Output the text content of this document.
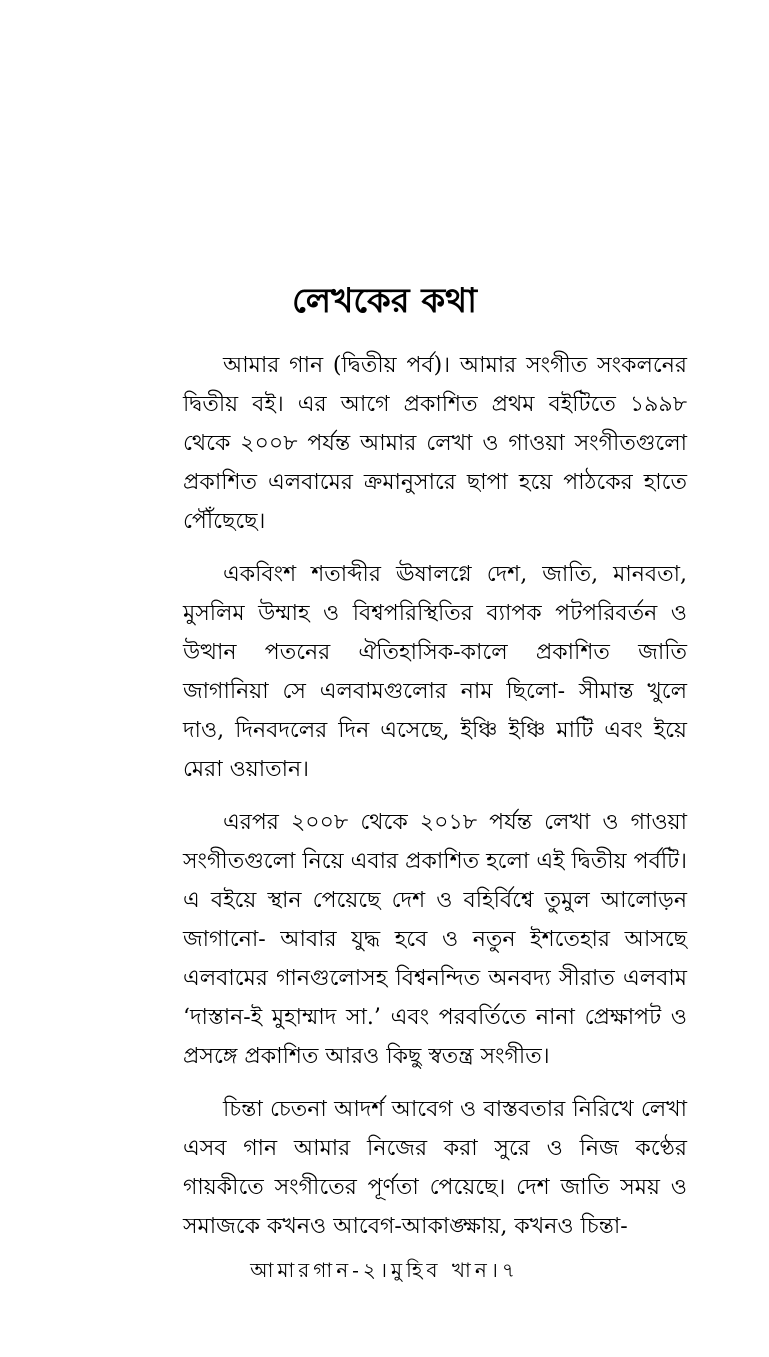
লেখকের কথা

আমার গান (দ্বিতীয় পর্ব)। আমার সংগীত সংকলনের দ্বিতীয় বই। এর আগে প্রকাশিত প্রথম বইটিতে ১৯৯৮ থেকে ২০০৮ পর্যন্ত আমার লেখা ও গাওয়া সংগীতগুলো প্রকাশিত এলবামের ক্রমানুসারে ছাপা হয়ে পাঠকের হাতে পৌঁছেছে।

একবিংশ শতাব্দীর ঊষালগ্নে দেশ, জাতি, মানবতা, মুসলিম উম্মাহ ও বিশ্বপরিস্থিতির ব্যাপক পটপরিবর্তন ও উত্থান পতনের ঐতিহাসিক-কালে প্রকাশিত জাতি জাগানিয়া সে এলবামগুলোর নাম ছিলো- সীমান্ত খুলে দাও, দিনবদলের দিন এসেছে, ইঞ্চি ইঞ্চি মাটি এবং ইয়ে মেরা ওয়াতান।

এরপর ২০০৮ থেকে ২০১৮ পর্যন্ত লেখা ও গাওয়া সংগীতগুলো নিয়ে এবার প্রকাশিত হলো এই দ্বিতীয় পর্বটি। এ বইয়ে স্থান পেয়েছে দেশ ও বহির্বিশ্বে তুমুল আলোড়ন জাগানো- আবার যুদ্ধ হবে ও নতুন ইশতেহার আসছে এলবামের গানগুলোসহ বিশ্বনন্দিত অনবদ্য সীরাত এলবাম ‘দাস্তান-ই মুহাম্মাদ সা.’ এবং পরবর্তিতে নানা প্রেক্ষাপট ও প্রসঙ্গে প্রকাশিত আরও কিছু স্বতন্ত্র সংগীত।

চিন্তা চেতনা আদর্শ আবেগ ও বাস্তবতার নিরিখে লেখা এসব গান আমার নিজের করা সুরে ও নিজ কণ্ঠের গায়কীতে সংগীতের পূর্ণতা পেয়েছে। দেশ জাতি সময় ও সমাজকে কখনও আবেগ-আকাঙ্ক্ষায়, কখনও চিন্তা-

আমারগান-২।মুহিব খান।৭
